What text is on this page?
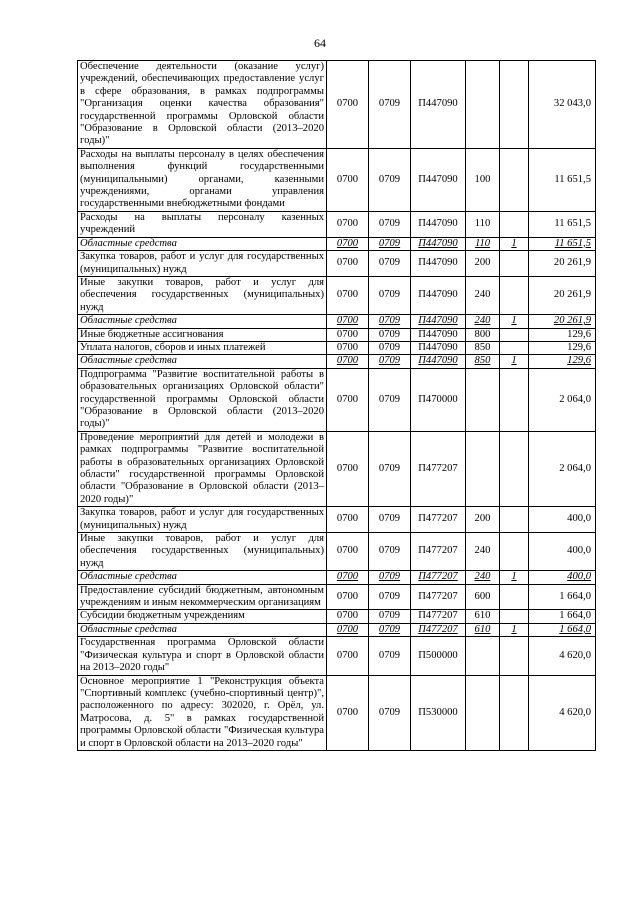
64
Обеспечение деятельности (оказание услуг) учреждений, обеспечивающих предоставление услуг в сфере образования, в рамках подпрограммы "Организация оценки качества образования" государственной программы Орловской области "Образование в Орловской области (2013–2020 годы)"	0700	0709	П447090			32 043,0
Расходы на выплаты персоналу в целях обеспечения выполнения функций государственными (муниципальными) органами, казенными учреждениями, органами управления государственными внебюджетными фондами	0700	0709	П447090	100		11 651,5
Расходы на выплаты персоналу казенных учреждений	0700	0709	П447090	110		11 651,5
Областные средства	0700	0709	П447090	110	1	11 651,5
Закупка товаров, работ и услуг для государственных (муниципальных) нужд	0700	0709	П447090	200		20 261,9
Иные закупки товаров, работ и услуг для обеспечения государственных (муниципальных) нужд	0700	0709	П447090	240		20 261,9
Областные средства	0700	0709	П447090	240	1	20 261,9
Иные бюджетные ассигнования	0700	0709	П447090	800		129,6
Уплата налогов, сборов и иных платежей	0700	0709	П447090	850		129,6
Областные средства	0700	0709	П447090	850	1	129,6
Подпрограмма "Развитие воспитательной работы в образовательных организациях Орловской области" государственной программы Орловской области "Образование в Орловской области (2013–2020 годы)"	0700	0709	П470000			2 064,0
Проведение мероприятий для детей и молодежи в рамках подпрограммы "Развитие воспитательной работы в образовательных организациях Орловской области" государственной программы Орловской области "Образование в Орловской области (2013–2020 годы)"	0700	0709	П477207			2 064,0
Закупка товаров, работ и услуг для государственных (муниципальных) нужд	0700	0709	П477207	200		400,0
Иные закупки товаров, работ и услуг для обеспечения государственных (муниципальных) нужд	0700	0709	П477207	240		400,0
Областные средства	0700	0709	П477207	240	1	400,0
Предоставление субсидий бюджетным, автономным учреждениям и иным некоммерческим организациям	0700	0709	П477207	600		1 664,0
Субсидии бюджетным учреждениям	0700	0709	П477207	610		1 664,0
Областные средства	0700	0709	П477207	610	1	1 664,0
Государственная программа Орловской области "Физическая культура и спорт в Орловской области на 2013–2020 годы"	0700	0709	П500000			4 620,0
Основное мероприятие 1 "Реконструкция объекта "Спортивный комплекс (учебно-спортивный центр)", расположенного по адресу: 302020, г. Орёл, ул. Матросова, д. 5" в рамках государственной программы Орловской области "Физическая культура и спорт в Орловской области на 2013–2020 годы"	0700	0709	П530000			4 620,0
